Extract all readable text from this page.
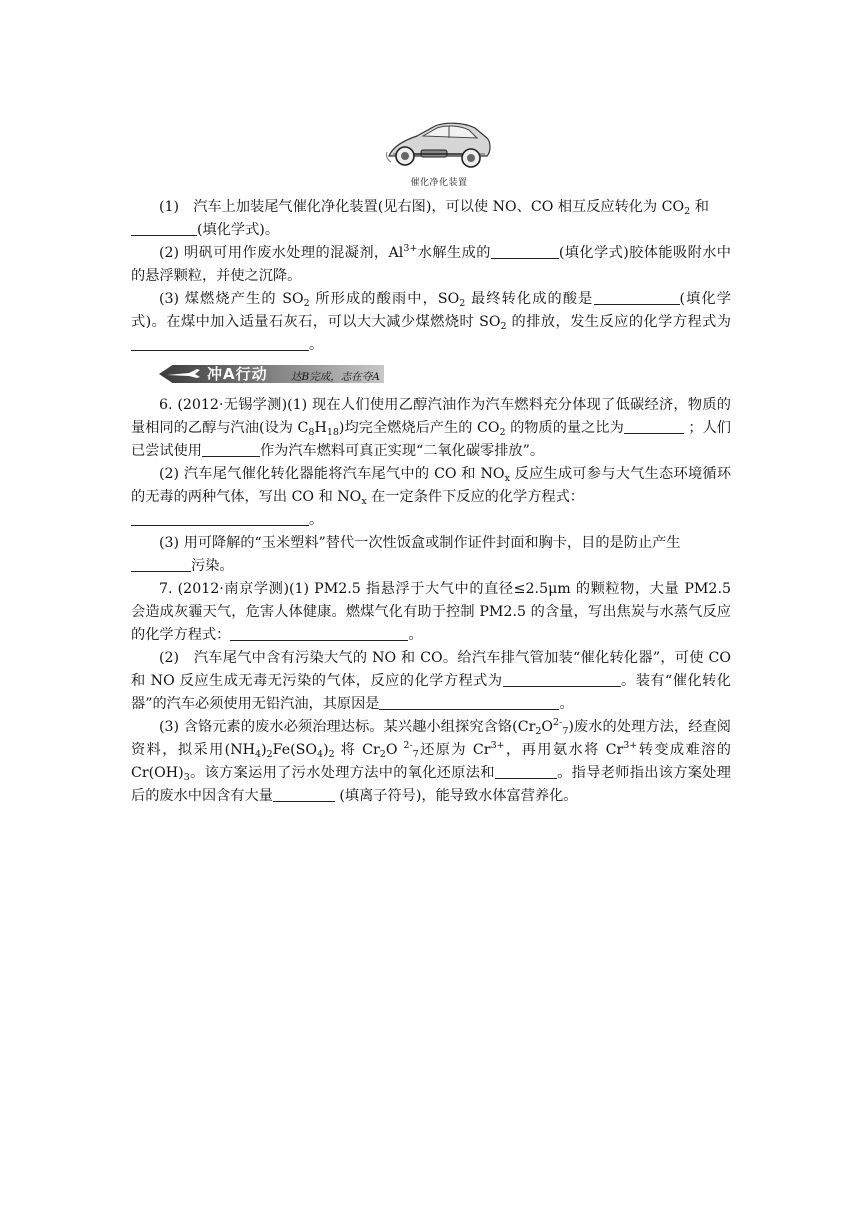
催化净化装置

(1)　汽车上加装尾气催化净化装置(见右图)，可以使 NO、CO 相互反应转化为 $CO_2$ 和
(填化学式)。

(2) 明矾可用作废水处理的混凝剂，$Al^{3+}$水解生成的	(填化学式)胶体能吸附水中的悬浮颗粒，并使之沉降。

(3) 煤燃烧产生的 $SO_2$ 所形成的酸雨中，$SO_2$ 最终转化成的酸是	(填化学式)。在煤中加入适量石灰石，可以大大减少煤燃烧时 $SO_2$ 的排放，发生反应的化学方程式为。

冲A行动 达B完成，志在夺A

6. (2012·无锡学测)(1) 现在人们使用乙醇汽油作为汽车燃料充分体现了低碳经济，物质的量相同的乙醇与汽油(设为 $C_8H_{18}$)均完全燃烧后产生的 $CO_2$ 的物质的量之比为	；人们已尝试使用	作为汽车燃料可真正实现“二氧化碳零排放”。

(2) 汽车尾气催化转化器能将汽车尾气中的 CO 和 $NO_x$ 反应生成可参与大气生态环境循环的无毒的两种气体，写出 CO 和 $NO_x$ 在一定条件下反应的化学方程式：
。

(3) 用可降解的“玉米塑料”替代一次性饭盒或制作证件封面和胸卡，目的是防止产生
污染。

7. (2012·南京学测)(1) PM2.5 指悬浮于大气中的直径≤2.5μm 的颗粒物，大量 PM2.5 会造成灰霾天气，危害人体健康。燃煤气化有助于控制 PM2.5 的含量，写出焦炭与水蒸气反应的化学方程式：	。

(2)　汽车尾气中含有污染大气的 NO 和 CO。给汽车排气管加装“催化转化器”，可使 CO 和 NO 反应生成无毒无污染的气体，反应的化学方程式为	。装有“催化转化器”的汽车必须使用无铅汽油，其原因是	。

(3) 含铬元素的废水必须治理达标。某兴趣小组探究含铬$(Cr_2O^{2-}_7)$废水的处理方法，经查阅资料，拟采用$(NH_4)_2Fe(SO_4)_2$ 将 $Cr_2O$ $^{2-}_7$还原为 $Cr^{3+}$，再用氨水将 $Cr^{3+}$转变成难溶的 $Cr(OH)_3$。该方案运用了污水处理方法中的氧化还原法和	。指导老师指出该方案处理后的废水中因含有大量	(填离子符号)，能导致水体富营养化。
